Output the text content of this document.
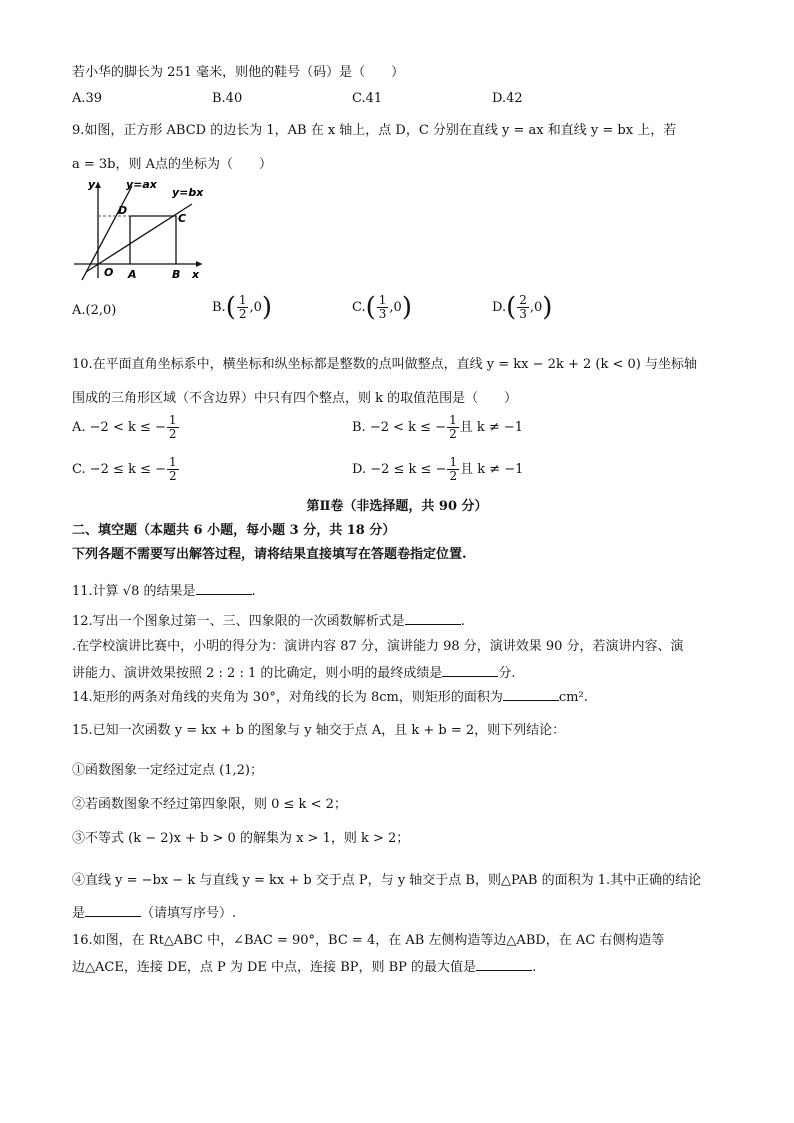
若小华的脚长为 251 毫米，则他的鞋号（码）是（　　）
A.39	B.40	C.41	D.42
9.如图，正方形 ABCD 的边长为 1，AB 在 x 轴上，点 D，C 分别在直线 y = ax 和直线 y = bx 上，若
a = 3b，则 A点的坐标为（　　）
y	y=ax
y=bx
D
C
O A	B x
A.(2,0)	$B.( \frac{1}{2} ,0)$	$C.( \frac{1}{3} ,0)$	$D.( \frac{2}{3} ,0)$
10.在平面直角坐标系中，横坐标和纵坐标都是整数的点叫做整点，直线 y = kx − 2k + 2 (k < 0) 与坐标轴
围成的三角形区域（不含边界）中只有四个整点，则 k 的取值范围是（　　）
A. −2 < k ≤ − $\frac{1}{2}$	B. −2 < k ≤ − $\frac{1}{2}$ 且 k ≠ −1
C. −2 ≤ k ≤ − $\frac{1}{2}$	D. −2 ≤ k ≤ − $\frac{1}{2}$ 且 k ≠ −1
第Ⅱ卷（非选择题，共 90 分）
二、填空题（本题共 6 小题，每小题 3 分，共 18 分）
下列各题不需要写出解答过程，请将结果直接填写在答题卷指定位置.
11.计算 √8 的结果是	.
12.写出一个图象过第一、三、四象限的一次函数解析式是	.
.在学校演讲比赛中，小明的得分为：演讲内容 87 分，演讲能力 98 分，演讲效果 90 分，若演讲内容、演
讲能力、演讲效果按照 2 : 2 : 1 的比确定，则小明的最终成绩是	分.
14.矩形的两条对角线的夹角为 30°，对角线的长为 8cm，则矩形的面积为	cm².
15.已知一次函数 y = kx + b 的图象与 y 轴交于点 A，且 k + b = 2，则下列结论：
①函数图象一定经过定点 (1,2)；
②若函数图象不经过第四象限，则 0 ≤ k < 2；
③不等式 (k − 2)x + b > 0 的解集为 x > 1，则 k > 2；
④直线 y = −bx − k 与直线 y = kx + b 交于点 P，与 y 轴交于点 B，则△PAB 的面积为 1.其中正确的结论
是	（请填写序号）.
16.如图，在 Rt△ABC 中，∠BAC = 90°，BC = 4，在 AB 左侧构造等边△ABD，在 AC 右侧构造等
边△ACE，连接 DE，点 P 为 DE 中点，连接 BP，则 BP 的最大值是	.
